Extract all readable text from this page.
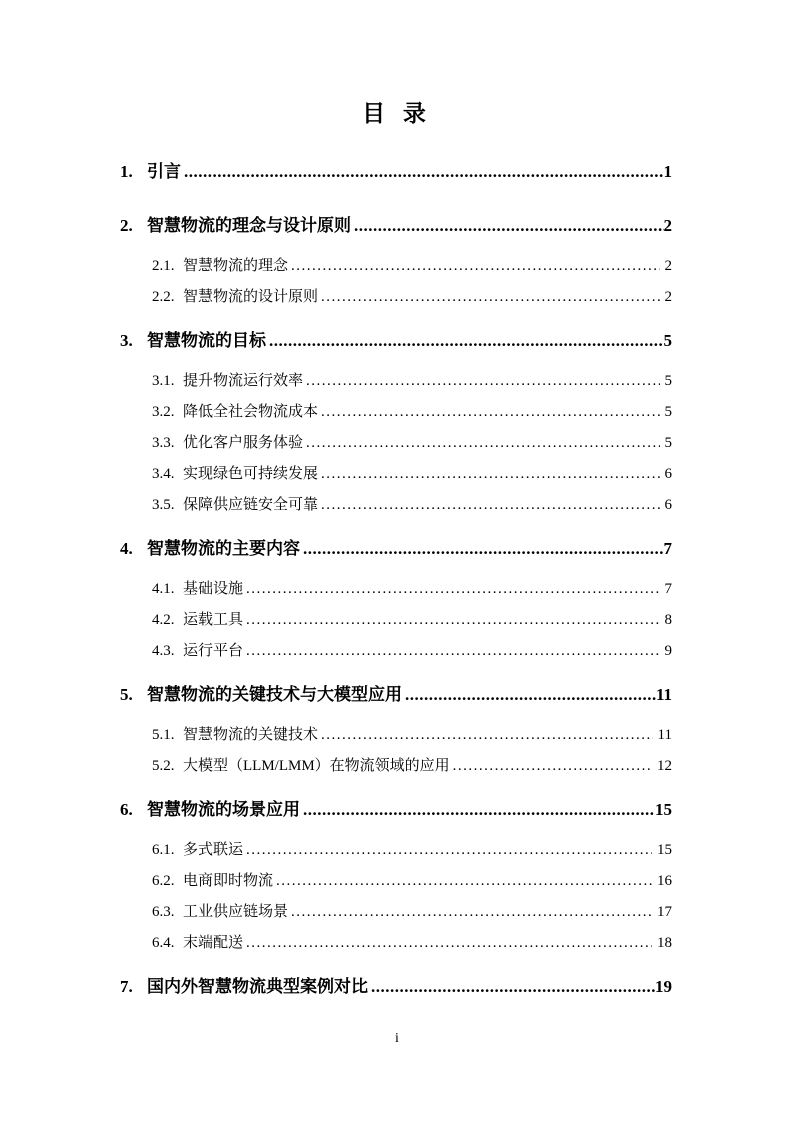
目 录
1. 引言 .....	1
2. 智慧物流的理念与设计原则 .....	2
2.1. 智慧物流的理念 .....	2
2.2. 智慧物流的设计原则 .....	2
3. 智慧物流的目标 .....	5
3.1. 提升物流运行效率 .....	5
3.2. 降低全社会物流成本 .....	5
3.3. 优化客户服务体验 .....	5
3.4. 实现绿色可持续发展 .....	6
3.5. 保障供应链安全可靠 .....	6
4. 智慧物流的主要内容 .....	7
4.1. 基础设施 .....	7
4.2. 运载工具 .....	8
4.3. 运行平台 .....	9
5. 智慧物流的关键技术与大模型应用 .....	11
5.1. 智慧物流的关键技术 .....	11
5.2. 大模型（LLM/LMM）在物流领域的应用 .....	12
6. 智慧物流的场景应用 .....	15
6.1. 多式联运 .....	15
6.2. 电商即时物流 .....	16
6.3. 工业供应链场景 .....	17
6.4. 末端配送 .....	18
7. 国内外智慧物流典型案例对比 .....	19
i
